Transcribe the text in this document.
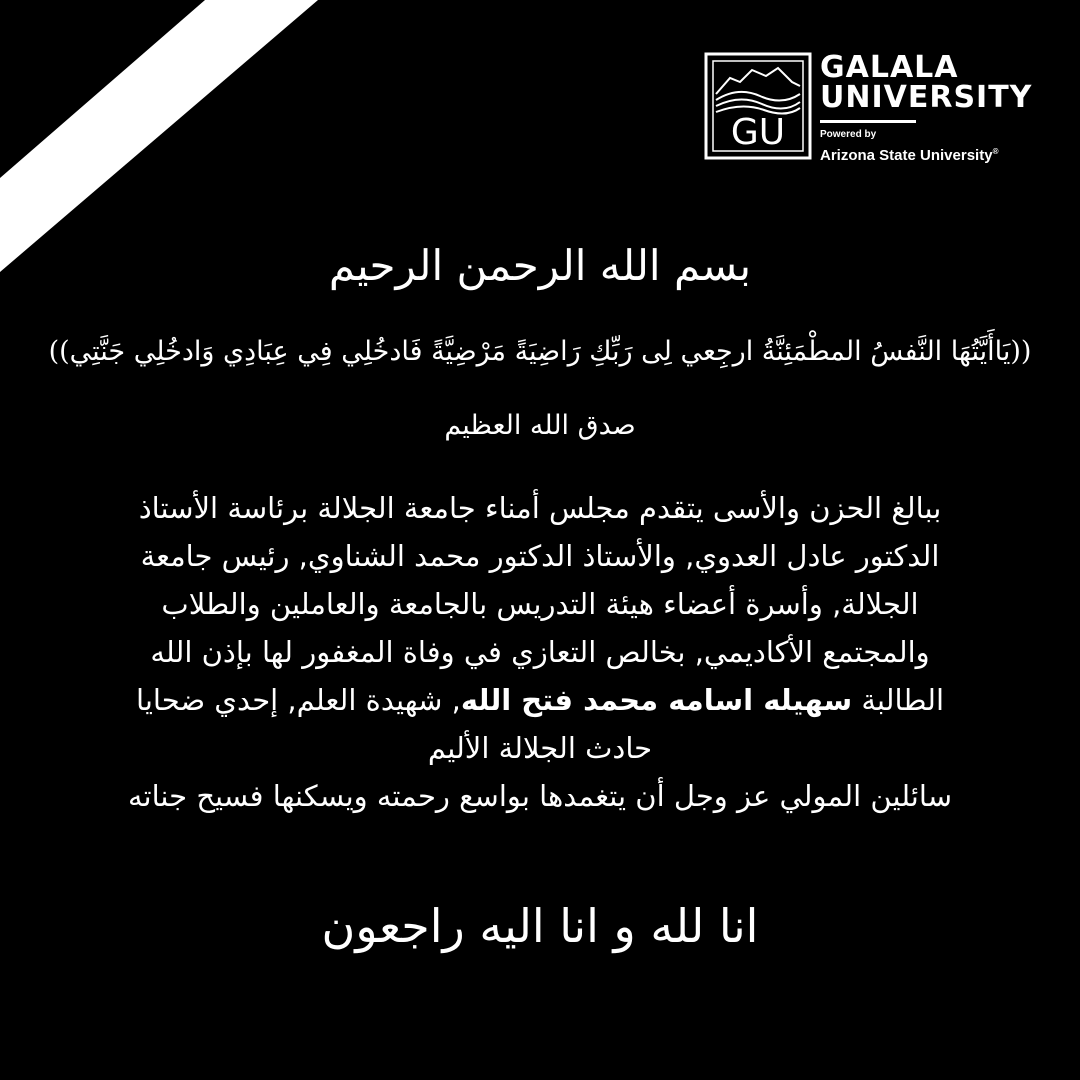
GU
GALALA
UNIVERSITY
Powered by
Arizona State University®
بسم الله الرحمن الرحيم
((يَاأَيَّتُهَا النَّفسُ المطْمَئِنَّةُ ارجِعي لِى رَبِّكِ رَاضِيَةً مَرْضِيَّةً فَادخُلِي فِي عِبَادِي وَادخُلِي جَنَّتِي))
صدق الله العظيم
ببالغ الحزن والأسى يتقدم مجلس أمناء جامعة الجلالة برئاسة الأستاذ
الدكتور عادل العدوي, والأستاذ الدكتور محمد الشناوي, رئيس جامعة
الجلالة, وأسرة أعضاء هيئة التدريس بالجامعة والعاملين والطلاب
والمجتمع الأكاديمي, بخالص التعازي في وفاة المغفور لها بإذن الله
الطالبة سهيله اسامه محمد فتح الله, شهيدة العلم, إحدي ضحايا
حادث الجلالة الأليم
سائلين المولي عز وجل أن يتغمدها بواسع رحمته ويسكنها فسيح جناته
انا لله و انا اليه راجعون
